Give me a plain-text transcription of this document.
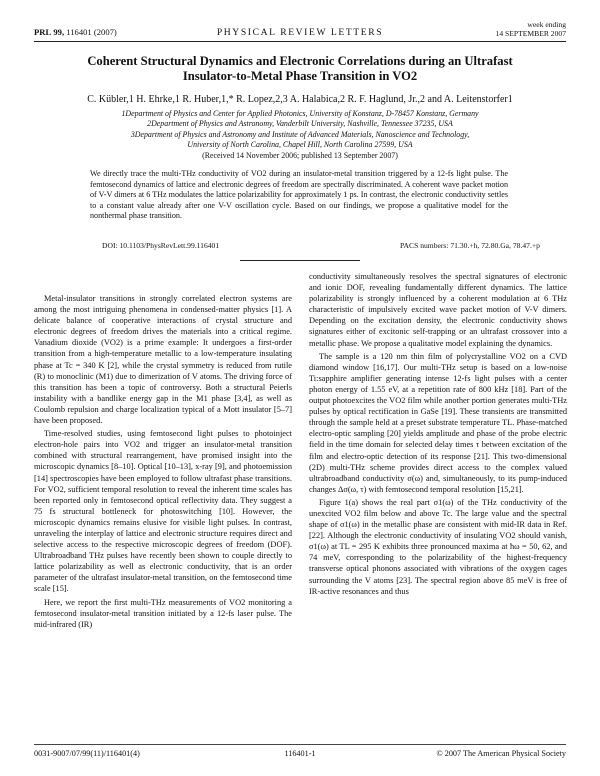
PRL 99, 116401 (2007)	PHYSICAL REVIEW LETTERS
week ending
14 SEPTEMBER 2007
Coherent Structural Dynamics and Electronic Correlations during an Ultrafast
Insulator-to-Metal Phase Transition in VO2
C. Kübler,1 H. Ehrke,1 R. Huber,1,* R. Lopez,2,3 A. Halabica,2 R. F. Haglund, Jr.,2 and A. Leitenstorfer1
1Department of Physics and Center for Applied Photonics, University of Konstanz, D-78457 Konstanz, Germany
2Department of Physics and Astronomy, Vanderbilt University, Nashville, Tennessee 37235, USA
3Department of Physics and Astronomy and Institute of Advanced Materials, Nanoscience and Technology,
University of North Carolina, Chapel Hill, North Carolina 27599, USA
(Received 14 November 2006; published 13 September 2007)
We directly trace the multi-THz conductivity of VO2 during an insulator-metal transition triggered by a 12-fs light pulse. The femtosecond dynamics of lattice and electronic degrees of freedom are spectrally discriminated. A coherent wave packet motion of V-V dimers at 6 THz modulates the lattice polarizability for approximately 1 ps. In contrast, the electronic conductivity settles to a constant value already after one V-V oscillation cycle. Based on our findings, we propose a qualitative model for the nonthermal phase transition.
DOI: 10.1103/PhysRevLett.99.116401	PACS numbers: 71.30.+h, 72.80.Ga, 78.47.+p

Metal-insulator transitions in strongly correlated electron systems are among the most intriguing phenomena in condensed-matter physics [1]. A delicate balance of cooperative interactions of crystal structure and electronic degrees of freedom drives the materials into a critical regime. Vanadium dioxide (VO2) is a prime example: It undergoes a first-order transition from a high-temperature metallic to a low-temperature insulating phase at Tc = 340 K [2], while the crystal symmetry is reduced from rutile (R) to monoclinic (M1) due to dimerization of V atoms. The driving force of this transition has been a topic of controversy. Both a structural Peierls instability with a bandlike energy gap in the M1 phase [3,4], as well as Coulomb repulsion and charge localization typical of a Mott insulator [5–7] have been proposed.

Time-resolved studies, using femtosecond light pulses to photoinject electron-hole pairs into VO2 and trigger an insulator-metal transition combined with structural rearrangement, have promised insight into the microscopic dynamics [8–10]. Optical [10–13], x-ray [9], and photoemission [14] spectroscopies have been employed to follow ultrafast phase transitions. For VO2, sufficient temporal resolution to reveal the inherent time scales has been reported only in femtosecond optical reflectivity data. They suggest a 75 fs structural bottleneck for photoswitching [10]. However, the microscopic dynamics remains elusive for visible light pulses. In contrast, unraveling the interplay of lattice and electronic structure requires direct and selective access to the respective microscopic degrees of freedom (DOF). Ultrabroadband THz pulses have recently been shown to couple directly to lattice polarizability as well as electronic conductivity, that is an order parameter of the ultrafast insulator-metal transition, on the femtosecond time scale [15].

Here, we report the first multi-THz measurements of VO2 monitoring a femtosecond insulator-metal transition initiated by a 12-fs laser pulse. The mid-infrared (IR)

conductivity simultaneously resolves the spectral signatures of electronic and ionic DOF, revealing fundamentally different dynamics. The lattice polarizability is strongly influenced by a coherent modulation at 6 THz characteristic of impulsively excited wave packet motion of V-V dimers. Depending on the excitation density, the electronic conductivity shows signatures either of excitonic self-trapping or an ultrafast crossover into a metallic phase. We propose a qualitative model explaining the dynamics.

The sample is a 120 nm thin film of polycrystalline VO2 on a CVD diamond window [16,17]. Our multi-THz setup is based on a low-noise Ti:sapphire amplifier generating intense 12-fs light pulses with a center photon energy of 1.55 eV, at a repetition rate of 800 kHz [18]. Part of the output photoexcites the VO2 film while another portion generates multi-THz pulses by optical rectification in GaSe [19]. These transients are transmitted through the sample held at a preset substrate temperature TL. Phase-matched electro-optic sampling [20] yields amplitude and phase of the probe electric field in the time domain for selected delay times τ between excitation of the film and electro-optic detection of its response [21]. This two-dimensional (2D) multi-THz scheme provides direct access to the complex valued ultrabroadband conductivity σ(ω) and, simultaneously, to its pump-induced changes Δσ(ω, τ) with femtosecond temporal resolution [15,21].

Figure 1(a) shows the real part σ1(ω) of the THz conductivity of the unexcited VO2 film below and above Tc. The large value and the spectral shape of σ1(ω) in the metallic phase are consistent with mid-IR data in Ref. [22]. Although the electronic conductivity of insulating VO2 should vanish, σ1(ω) at TL = 295 K exhibits three pronounced maxima at ħω = 50, 62, and 74 meV, corresponding to the polarizability of the highest-frequency transverse optical phonons associated with vibrations of the oxygen cages surrounding the V atoms [23]. The spectral region above 85 meV is free of IR-active resonances and thus

0031-9007/07/99(11)/116401(4)	116401-1	© 2007 The American Physical Society
